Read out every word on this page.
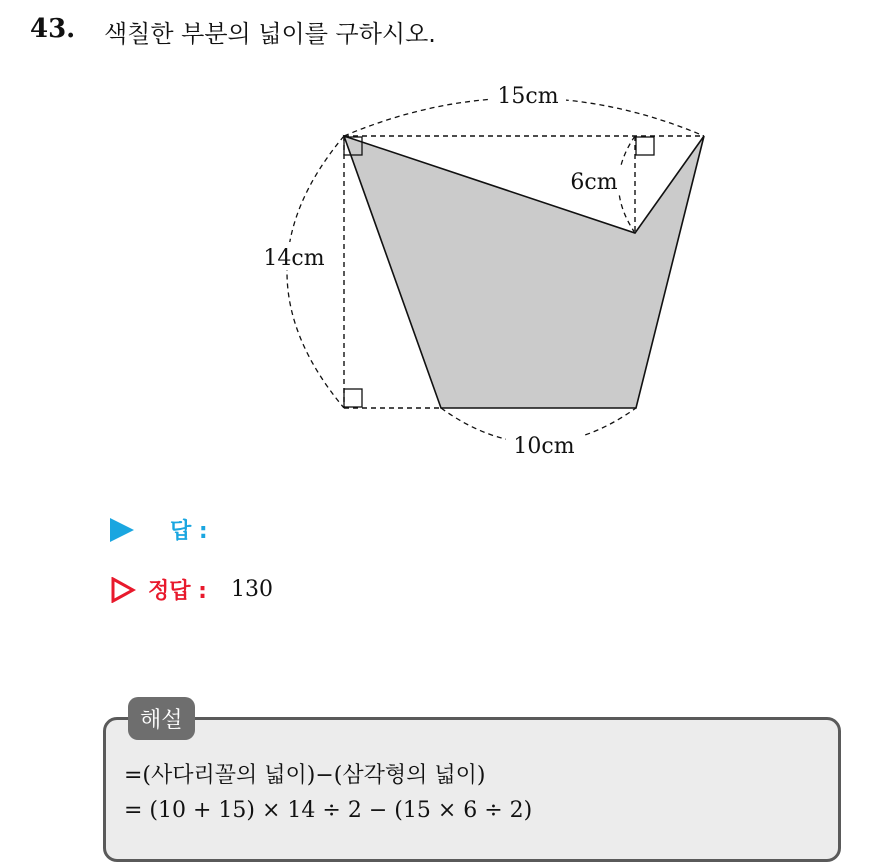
43. 색칠한 부분의 넓이를 구하시오.
15cm
14cm
6cm
10cm
답 :
정답 : 130
해설
=(사다리꼴의 넓이)−(삼각형의 넓이)
= (10 + 15) × 14 ÷ 2 − (15 × 6 ÷ 2)
